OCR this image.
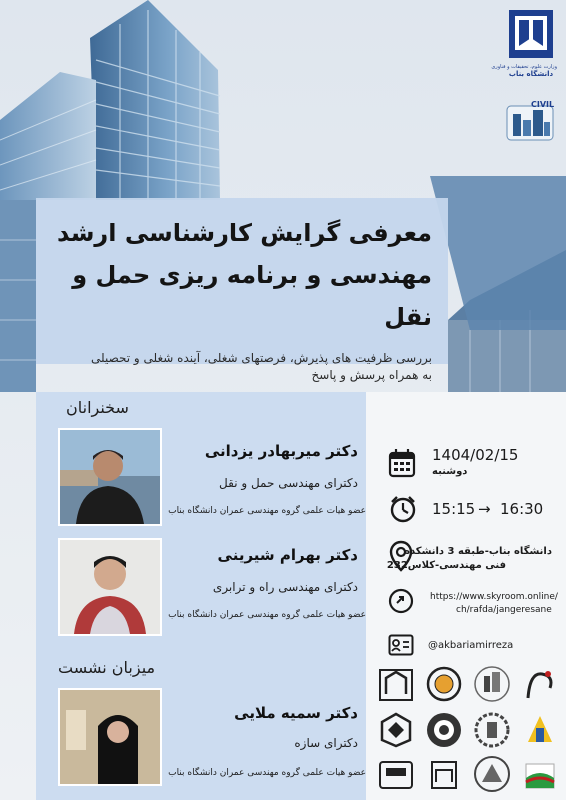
وزارت علوم، تحقیقات و فناوری
دانشگاه بناب
CIVIL
معرفی گرایش کارشناسی ارشد
مهندسی و برنامه ریزی حمل و نقل
بررسی ظرفیت های پذیرش، فرصتهای شغلی، آینده شغلی و تحصیلی
به همراه پرسش و پاسخ
سخنرانان
دکتر میربهادر یزدانی
دکترای مهندسی حمل و نقل
عضو هیات علمی گروه مهندسی عمران دانشگاه بناب
دکتر بهرام شیرینی
دکترای مهندسی راه و ترابری
عضو هیات علمی گروه مهندسی عمران دانشگاه بناب
میزبان نشست
دکتر سمیه ملایی
دکترای سازه
عضو هیات علمی گروه مهندسی عمران دانشگاه بناب
1404/02/15
دوشنبه
15:15 → 16:30
دانشگاه بناب-طبقه 3 دانشکده
فنی مهندسی-کلاس232
https://www.skyroom.online/
ch/rafda/jangeresane
@akbariamirreza
